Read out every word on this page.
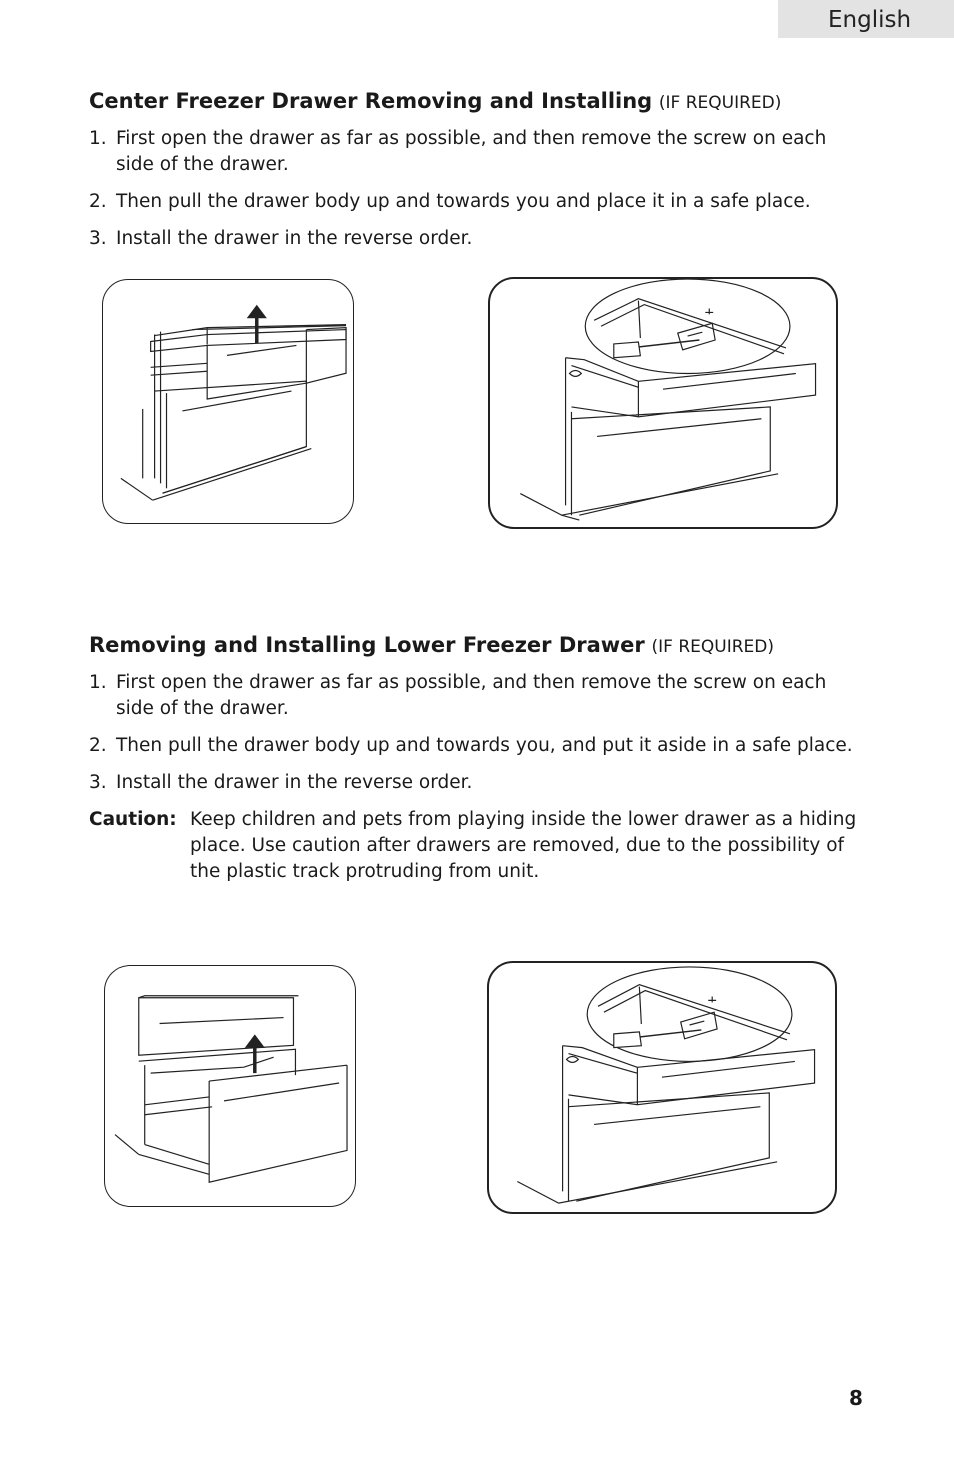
English
Center Freezer Drawer Removing and Installing (IF REQUIRED)
1. First open the drawer as far as possible, and then remove the screw on each side of the drawer.
2. Then pull the drawer body up and towards you and place it in a safe place.
3. Install the drawer in the reverse order.
Removing and Installing Lower Freezer Drawer (IF REQUIRED)
1. First open the drawer as far as possible, and then remove the screw on each side of the drawer.
2. Then pull the drawer body up and towards you, and put it aside in a safe place.
3. Install the drawer in the reverse order.
Caution: Keep children and pets from playing inside the lower drawer as a hiding place. Use caution after drawers are removed, due to the possibility of the plastic track protruding from unit.
8
